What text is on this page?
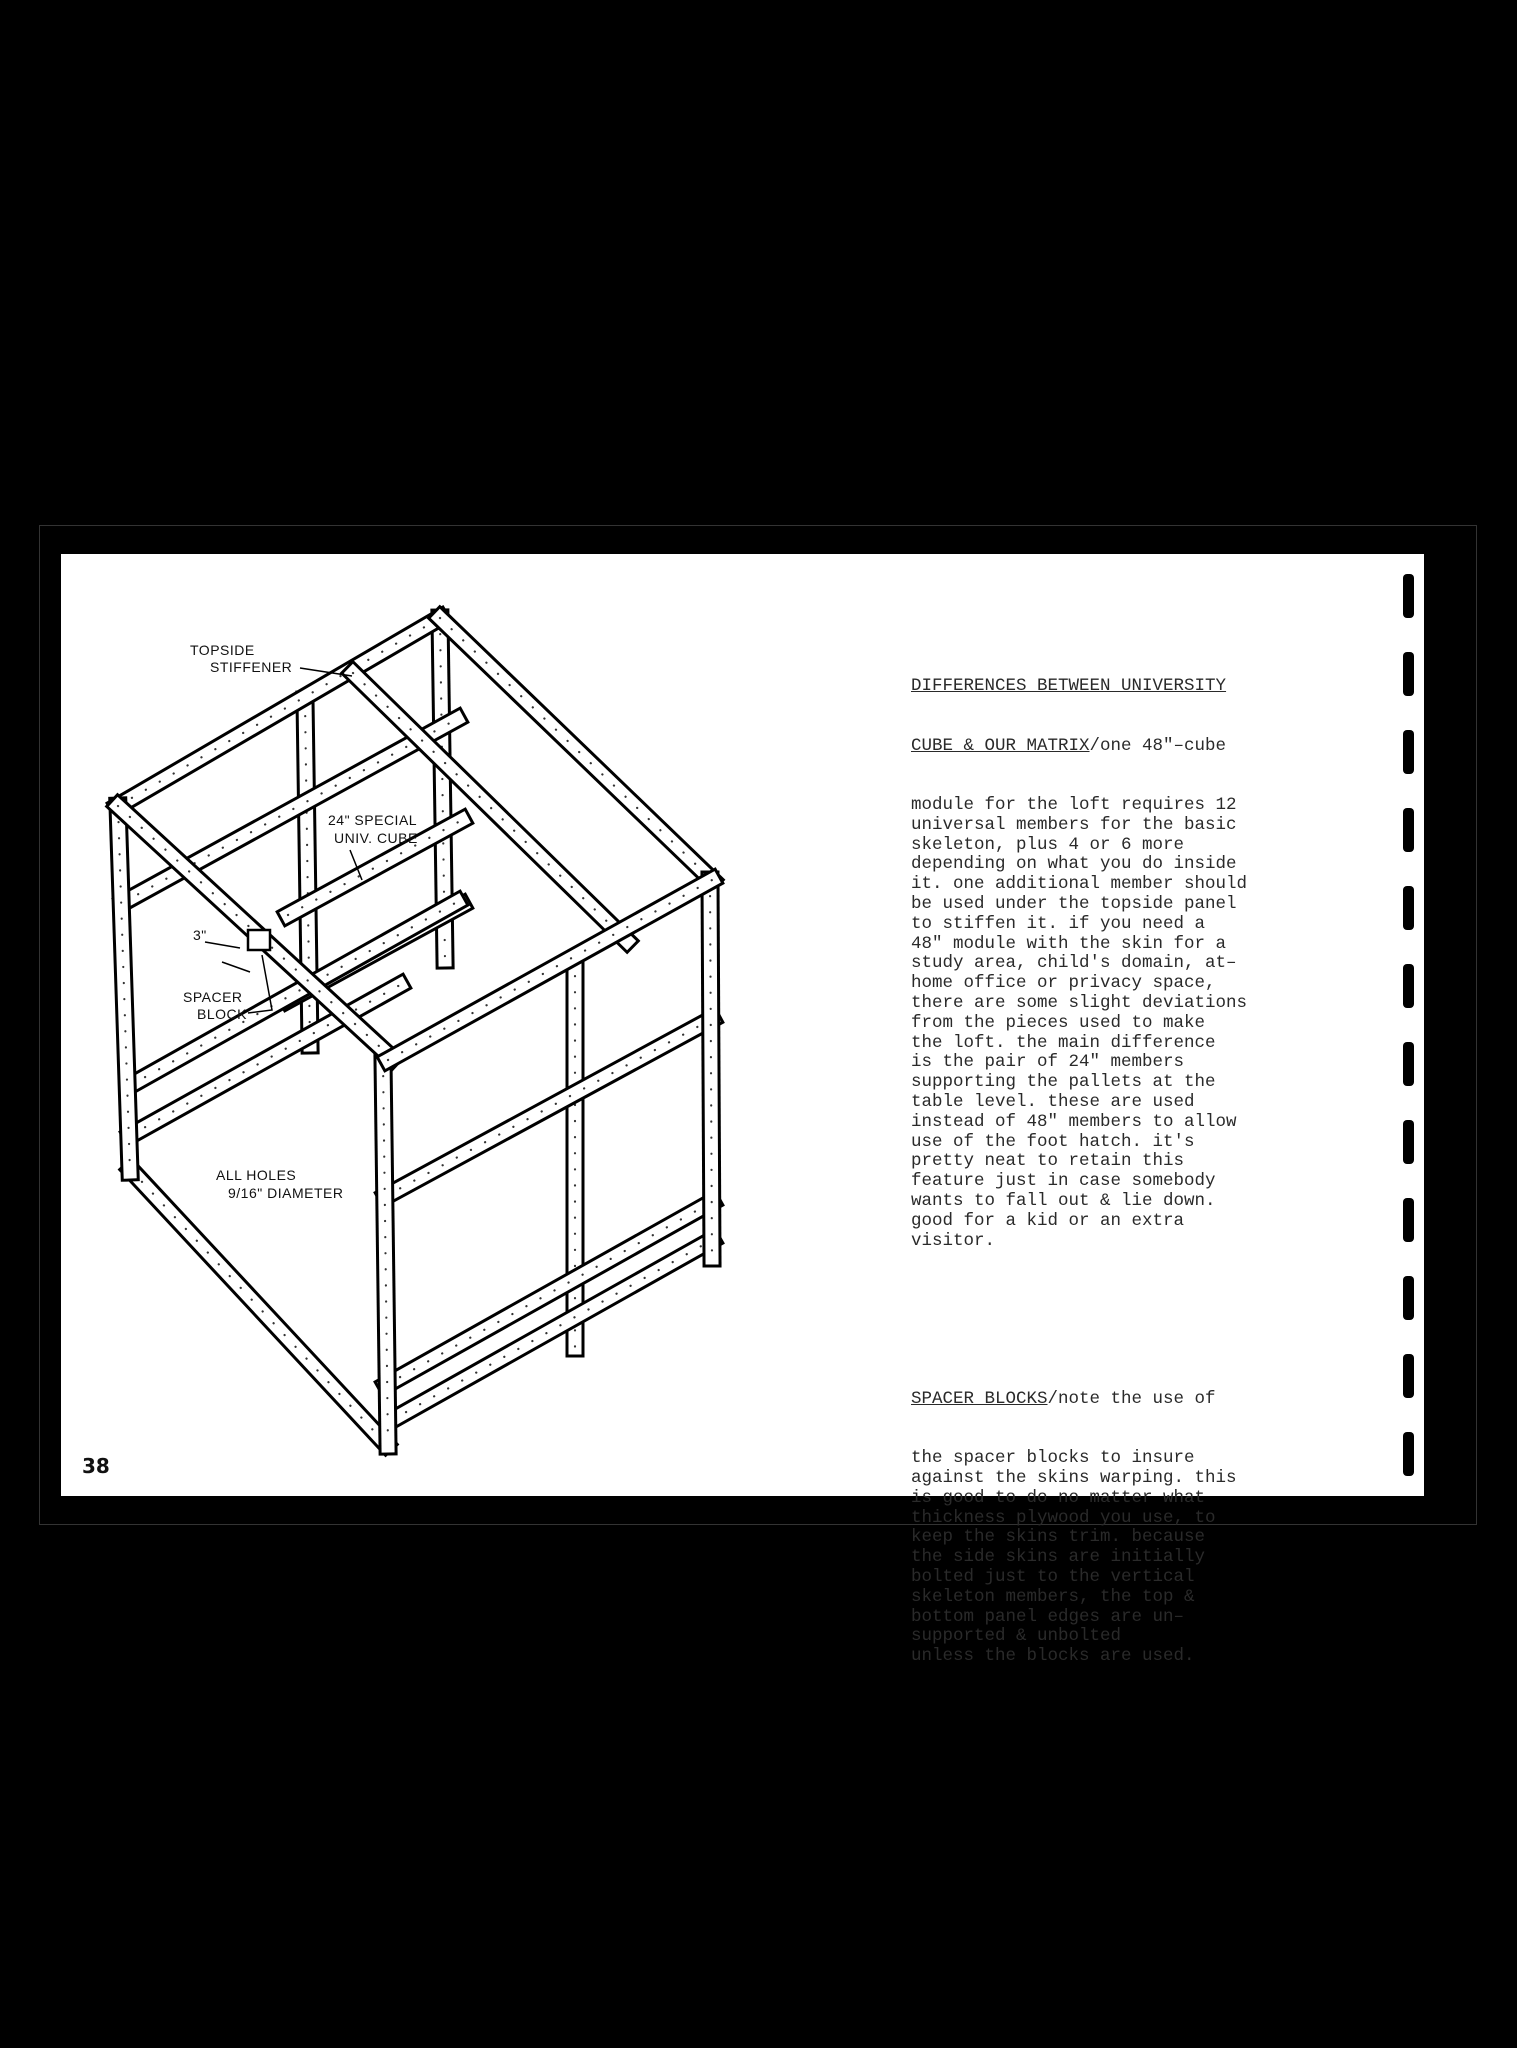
TOPSIDE
STIFFENER
24" SPECIAL
UNIV. CUBE
3"
SPACER
BLOCK
ALL HOLES
9/16" DIAMETER

DIFFERENCES BETWEEN UNIVERSITY

CUBE & OUR MATRIX/one 48″–cube

module for the loft requires 12
universal members for the basic
skeleton, plus 4 or 6 more
depending on what you do inside
it. one additional member should
be used under the topside panel
to stiffen it. if you need a
48″ module with the skin for a
study area, child's domain, at–
home office or privacy space,
there are some slight deviations
from the pieces used to make
the loft. the main difference
is the pair of 24″ members
supporting the pallets at the
table level. these are used
instead of 48″ members to allow
use of the foot hatch. it's
pretty neat to retain this
feature just in case somebody
wants to fall out & lie down.
good for a kid or an extra
visitor.

SPACER BLOCKS/note the use of

the spacer blocks to insure
against the skins warping. this
is good to do no matter what
thickness plywood you use, to
keep the skins trim. because
the side skins are initially
bolted just to the vertical
skeleton members, the top &
bottom panel edges are un–
supported & unbolted
unless the blocks are used.

38
